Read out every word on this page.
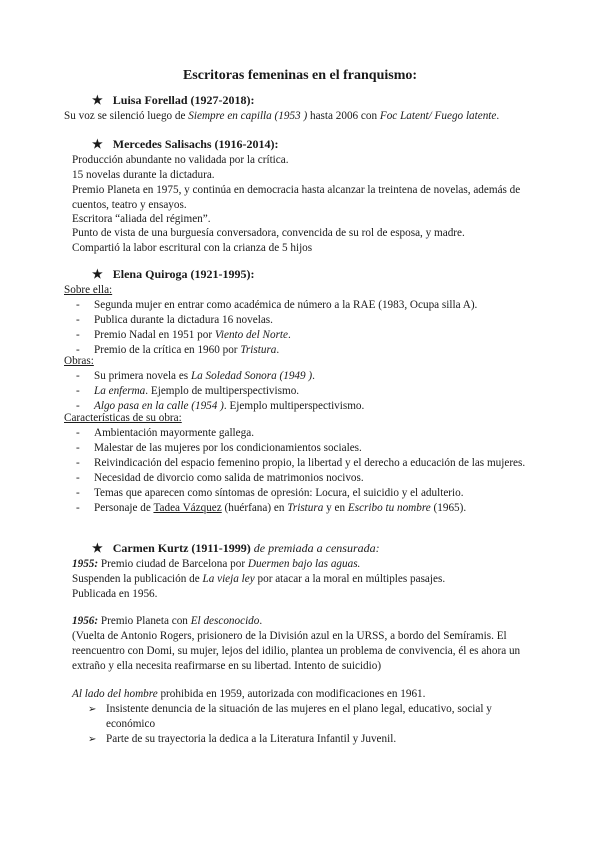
Escritoras femeninas en el franquismo:
★ Luisa Forellad (1927-2018):
Su voz se silenció luego de Siempre en capilla (1953 ) hasta 2006 con Foc Latent/ Fuego latente.
★ Mercedes Salisachs (1916-2014):
Producción abundante no validada por la crítica.
15 novelas durante la dictadura.
Premio Planeta en 1975, y continúa en democracia hasta alcanzar la treintena de novelas, además de cuentos, teatro y ensayos.
Escritora “aliada del régimen”.
Punto de vista de una burguesía conversadora, convencida de su rol de esposa, y madre.
Compartió la labor escritural con la crianza de 5 hijos
★ Elena Quiroga (1921-1995):
Sobre ella:
- Segunda mujer en entrar como académica de número a la RAE (1983, Ocupa silla A).
- Publica durante la dictadura 16 novelas.
- Premio Nadal en 1951 por Viento del Norte.
- Premio de la crítica en 1960 por Tristura.
Obras:
- Su primera novela es La Soledad Sonora (1949 ).
- La enferma. Ejemplo de multiperspectivismo.
- Algo pasa en la calle (1954 ). Ejemplo multiperspectivismo.
Características de su obra:
- Ambientación mayormente gallega.
- Malestar de las mujeres por los condicionamientos sociales.
- Reivindicación del espacio femenino propio, la libertad y el derecho a educación de las mujeres.
- Necesidad de divorcio como salida de matrimonios nocivos.
- Temas que aparecen como síntomas de opresión: Locura, el suicidio y el adulterio.
- Personaje de Tadea Vázquez (huérfana) en Tristura y en Escribo tu nombre (1965).
★ Carmen Kurtz (1911-1999) de premiada a censurada:
1955: Premio ciudad de Barcelona por Duermen bajo las aguas.
Suspenden la publicación de La vieja ley por atacar a la moral en múltiples pasajes.
Publicada en 1956.
1956: Premio Planeta con El desconocido.
(Vuelta de Antonio Rogers, prisionero de la División azul en la URSS, a bordo del Semíramis. El reencuentro con Domi, su mujer, lejos del idilio, plantea un problema de convivencia, él es ahora un extraño y ella necesita reafirmarse en su libertad. Intento de suicidio)
Al lado del hombre prohibida en 1959, autorizada con modificaciones en 1961.
➢ Insistente denuncia de la situación de las mujeres en el plano legal, educativo, social y económico
➢ Parte de su trayectoria la dedica a la Literatura Infantil y Juvenil.
